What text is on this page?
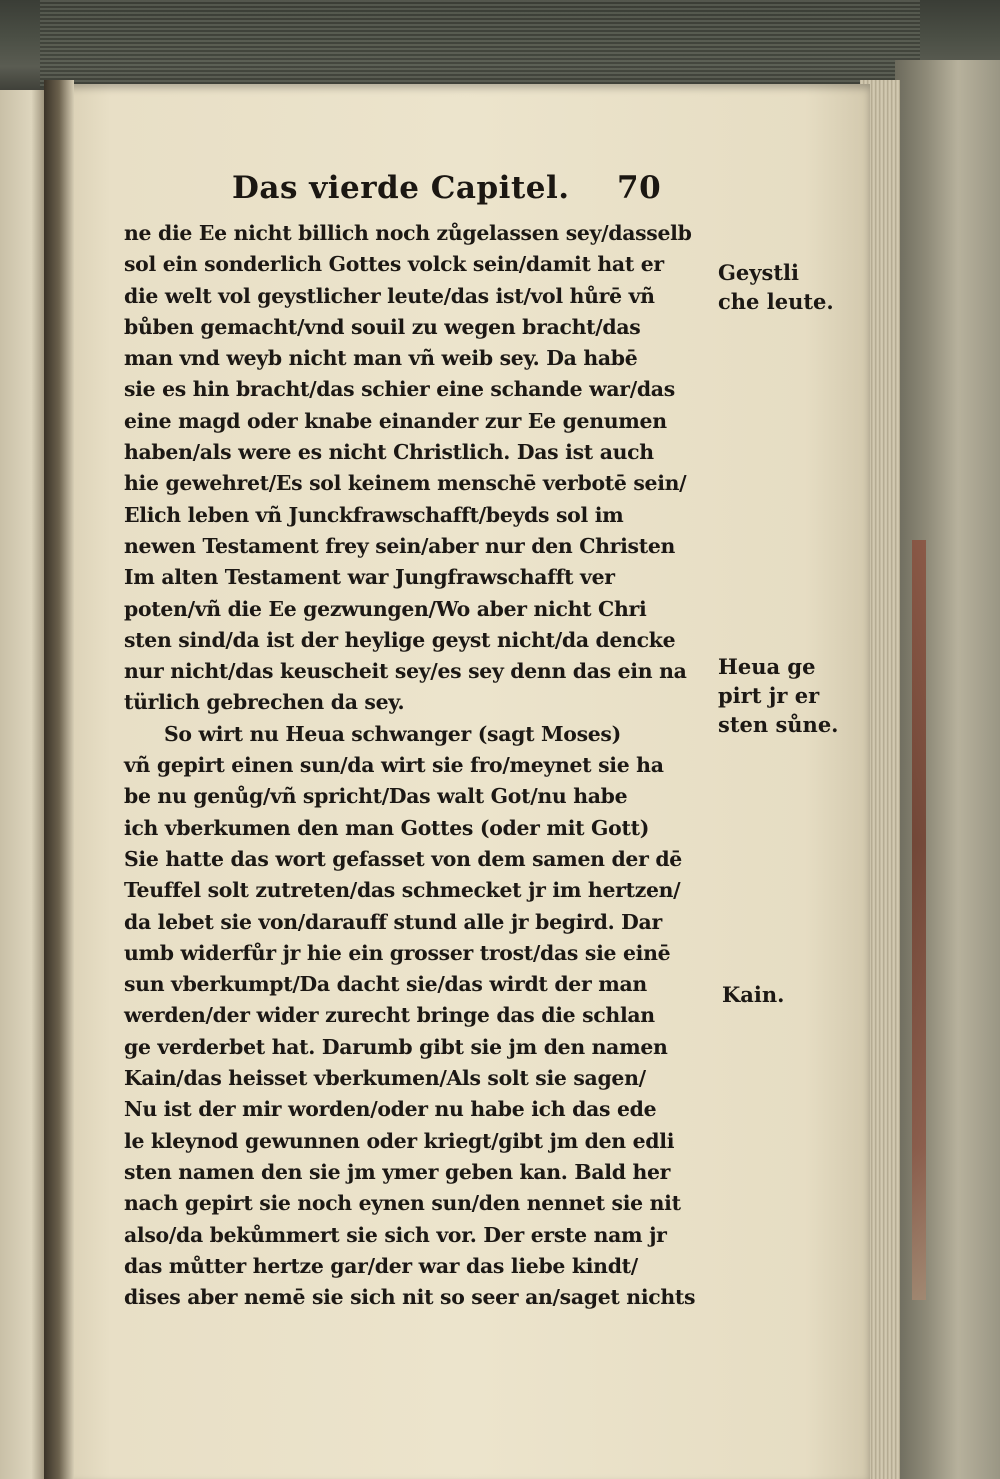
Das vierde Capitel. 70
ne die Ee nicht billich noch zůgelassen sey/dasselb
sol ein sonderlich Gottes volck sein/damit hat er
die welt vol geystlicher leute/das ist/vol hůrē vñ
bůben gemacht/vnd souil zu wegen bracht/das
man vnd weyb nicht man vñ weib sey. Da habē
sie es hin bracht/das schier eine schande war/das
eine magd oder knabe einander zur Ee genumen
haben/als were es nicht Christlich. Das ist auch
hie gewehret/Es sol keinem menschē verbotē sein/
Elich leben vñ Junckfrawschafft/beyds sol im
newen Testament frey sein/aber nur den Christen
Im alten Testament war Jungfrawschafft ver
poten/vñ die Ee gezwungen/Wo aber nicht Chri
sten sind/da ist der heylige geyst nicht/da dencke
nur nicht/das keuscheit sey/es sey denn das ein na
türlich gebrechen da sey.
So wirt nu Heua schwanger (sagt Moses)
vñ gepirt einen sun/da wirt sie fro/meynet sie ha
be nu genůg/vñ spricht/Das walt Got/nu habe
ich vberkumen den man Gottes (oder mit Gott)
Sie hatte das wort gefasset von dem samen der dē
Teuffel solt zutreten/das schmecket jr im hertzen/
da lebet sie von/darauff stund alle jr begird. Dar
umb widerfůr jr hie ein grosser trost/das sie einē
sun vberkumpt/Da dacht sie/das wirdt der man
werden/der wider zurecht bringe das die schlan
ge verderbet hat. Darumb gibt sie jm den namen
Kain/das heisset vberkumen/Als solt sie sagen/
Nu ist der mir worden/oder nu habe ich das ede
le kleynod gewunnen oder kriegt/gibt jm den edli
sten namen den sie jm ymer geben kan. Bald her
nach gepirt sie noch eynen sun/den nennet sie nit
also/da bekůmmert sie sich vor. Der erste nam jr
das můtter hertze gar/der war das liebe kindt/
dises aber nemē sie sich nit so seer an/saget nichts
Geystli
che leute.
Heua ge
pirt jr er
sten sůne.
Kain.
